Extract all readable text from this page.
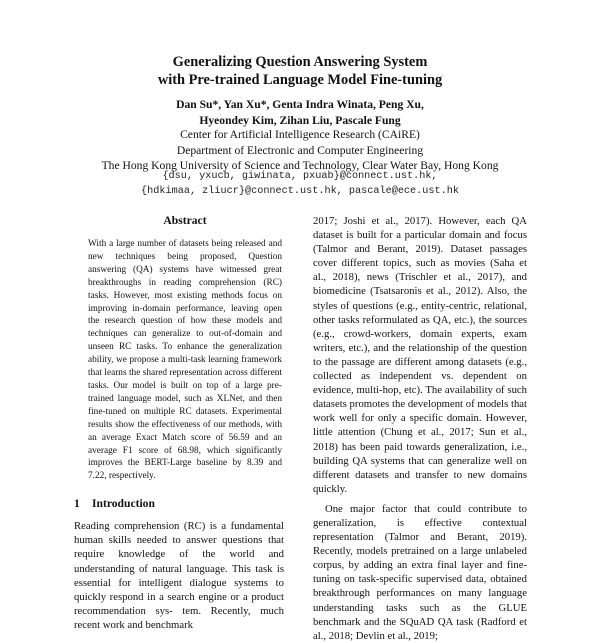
Generalizing Question Answering System
with Pre-trained Language Model Fine-tuning
Dan Su*, Yan Xu*, Genta Indra Winata, Peng Xu,
Hyeondey Kim, Zihan Liu, Pascale Fung
Center for Artificial Intelligence Research (CAiRE)
Department of Electronic and Computer Engineering
The Hong Kong University of Science and Technology, Clear Water Bay, Hong Kong
{dsu, yxucb, giwinata, pxuab}@connect.ust.hk,
{hdkimaa, zliucr}@connect.ust.hk, pascale@ece.ust.hk
Abstract

With a large number of datasets being released and new techniques being proposed, Question answering (QA) systems have witnessed great breakthroughs in reading comprehension (RC) tasks. However, most existing methods focus on improving in-domain performance, leaving open the research question of how these models and techniques can generalize to out-of-domain and unseen RC tasks. To enhance the generalization ability, we propose a multi-task learning framework that learns the shared representation across different tasks. Our model is built on top of a large pre-trained language model, such as XLNet, and then fine-tuned on multiple RC datasets. Experimental results show the effectiveness of our methods, with an average Exact Match score of 56.59 and an average F1 score of 68.98, which significantly improves the BERT-Large baseline by 8.39 and 7.22, respectively.

1 Introduction

Reading comprehension (RC) is a fundamental human skills needed to answer questions that require knowledge of the world and understanding of natural language. This task is essential for intelligent dialogue systems to quickly respond in a search engine or a product recommendation sys- tem. Recently, much recent work and benchmark

2017; Joshi et al., 2017). However, each QA dataset is built for a particular domain and focus (Talmor and Berant, 2019). Dataset passages cover different topics, such as movies (Saha et al., 2018), news (Trischler et al., 2017), and biomedicine (Tsatsaronis et al., 2012). Also, the styles of questions (e.g., entity-centric, relational, other tasks reformulated as QA, etc.), the sources (e.g., crowd-workers, domain experts, exam writers, etc.), and the relationship of the question to the passage are different among datasets (e.g., collected as independent vs. dependent on evidence, multi-hop, etc). The availability of such datasets promotes the development of models that work well for only a specific domain. However, little attention (Chung et al., 2017; Sun et al., 2018) has been paid towards generalization, i.e., building QA systems that can generalize well on different datasets and transfer to new domains quickly.

One major factor that could contribute to generalization, is effective contextual representation (Talmor and Berant, 2019). Recently, models pretrained on a large unlabeled corpus, by adding an extra final layer and fine-tuning on task-specific supervised data, obtained breakthrough performances on many language understanding tasks such as the GLUE benchmark and the SQuAD QA task (Radford et al., 2018; Devlin et al., 2019;
